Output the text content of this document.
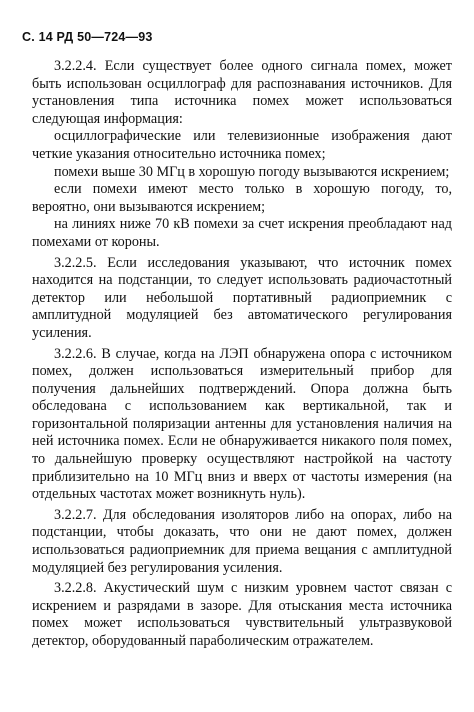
С. 14 РД 50—724—93

3.2.2.4. Если существует более одного сигнала помех, может быть использован осциллограф для распознавания источников. Для установления типа источника помех может использоваться следующая информация:

осциллографические или телевизионные изображения дают четкие указания относительно источника помех;

помехи выше 30 МГц в хорошую погоду вызываются искрением;

если помехи имеют место только в хорошую погоду, то, вероятно, они вызываются искрением;

на линиях ниже 70 кВ помехи за счет искрения преобладают над помехами от короны.

3.2.2.5. Если исследования указывают, что источник помех находится на подстанции, то следует использовать радиочастотный детектор или небольшой портативный радиоприемник с амплитудной модуляцией без автоматического регулирования усиления.

3.2.2.6. В случае, когда на ЛЭП обнаружена опора с источником помех, должен использоваться измерительный прибор для получения дальнейших подтверждений. Опора должна быть обследована с использованием как вертикальной, так и горизонтальной поляризации антенны для установления наличия на ней источника помех. Если не обнаруживается никакого поля помех, то дальнейшую проверку осуществляют настройкой на частоту приблизительно на 10 МГц вниз и вверх от частоты измерения (на отдельных частотах может возникнуть нуль).

3.2.2.7. Для обследования изоляторов либо на опорах, либо на подстанции, чтобы доказать, что они не дают помех, должен использоваться радиоприемник для приема вещания с амплитудной модуляцией без регулирования усиления.

3.2.2.8. Акустический шум с низким уровнем частот связан с искрением и разрядами в зазоре. Для отыскания места источника помех может использоваться чувствительный ультразвуковой детектор, оборудованный параболическим отражателем.
